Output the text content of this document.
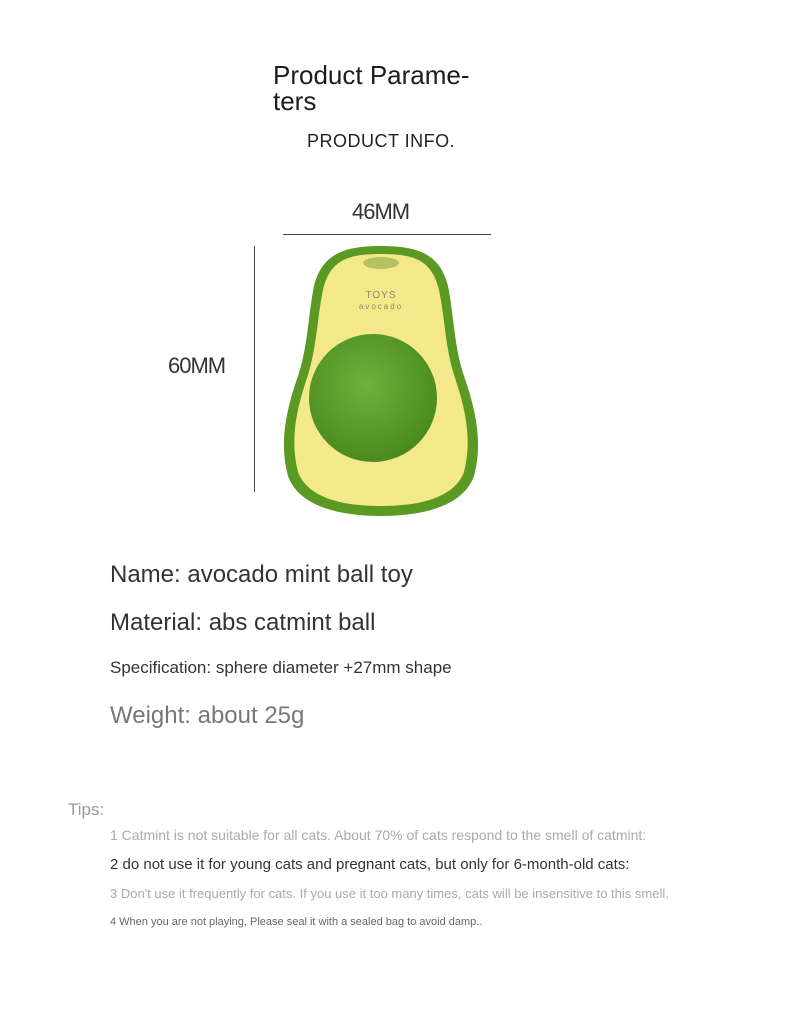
Product Parame-
ters
PRODUCT INFO.
46MM
60MM
TOYS
avocado
Name: avocado mint ball toy
Material: abs catmint ball
Specification: sphere diameter +27mm shape
Weight: about 25g
Tips:
1 Catmint is not suitable for all cats. About 70% of cats respond to the smell of catmint:
2 do not use it for young cats and pregnant cats, but only for 6-month-old cats:
3 Don't use it frequently for cats. If you use it too many times, cats will be insensitive to this smell.
4 When you are not playing, Please seal it with a sealed bag to avoid damp..
